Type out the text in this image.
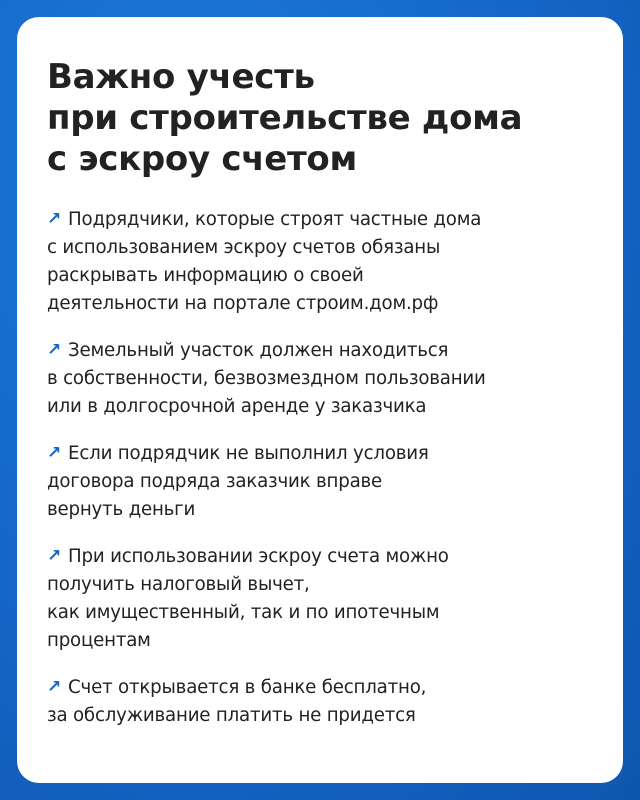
Важно учесть
при строительстве дома
с эскроу счетом
↗ Подрядчики, которые строят частные дома
с использованием эскроу счетов обязаны
раскрывать информацию о своей
деятельности на портале строим.дом.рф
↗ Земельный участок должен находиться
в собственности, безвозмездном пользовании
или в долгосрочной аренде у заказчика
↗ Если подрядчик не выполнил условия
договора подряда заказчик вправе
вернуть деньги
↗ При использовании эскроу счета можно
получить налоговый вычет,
как имущественный, так и по ипотечным
процентам
↗ Счет открывается в банке бесплатно,
за обслуживание платить не придется
